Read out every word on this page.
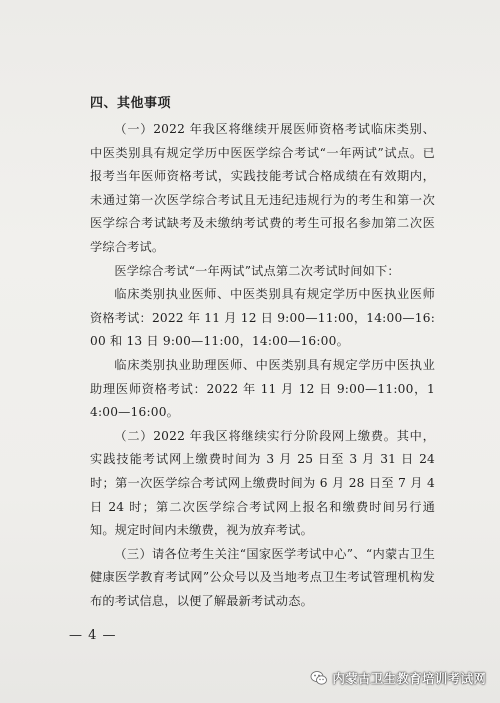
四、其他事项

（一）2022 年我区将继续开展医师资格考试临床类别、中医类别具有规定学历中医医学综合考试“一年两试”试点。已报考当年医师资格考试，实践技能考试合格成绩在有效期内，未通过第一次医学综合考试且无违纪违规行为的考生和第一次医学综合考试缺考及未缴纳考试费的考生可报名参加第二次医学综合考试。

医学综合考试“一年两试”试点第二次考试时间如下：

临床类别执业医师、中医类别具有规定学历中医执业医师资格考试：2022 年 11 月 12 日 9:00—11:00，14:00—16:00 和 13 日 9:00—11:00，14:00—16:00。

临床类别执业助理医师、中医类别具有规定学历中医执业助理医师资格考试：2022 年 11 月 12 日 9:00—11:00，14:00—16:00。

（二）2022 年我区将继续实行分阶段网上缴费。其中，实践技能考试网上缴费时间为 3 月 25 日至 3 月 31 日 24 时；第一次医学综合考试网上缴费时间为 6 月 28 日至 7 月 4 日 24 时；第二次医学综合考试网上报名和缴费时间另行通知。规定时间内未缴费，视为放弃考试。

（三）请各位考生关注“国家医学考试中心”、“内蒙古卫生健康医学教育考试网”公众号以及当地考点卫生考试管理机构发布的考试信息，以便了解最新考试动态。

— 4 —
内蒙古卫生教育培训考试网
